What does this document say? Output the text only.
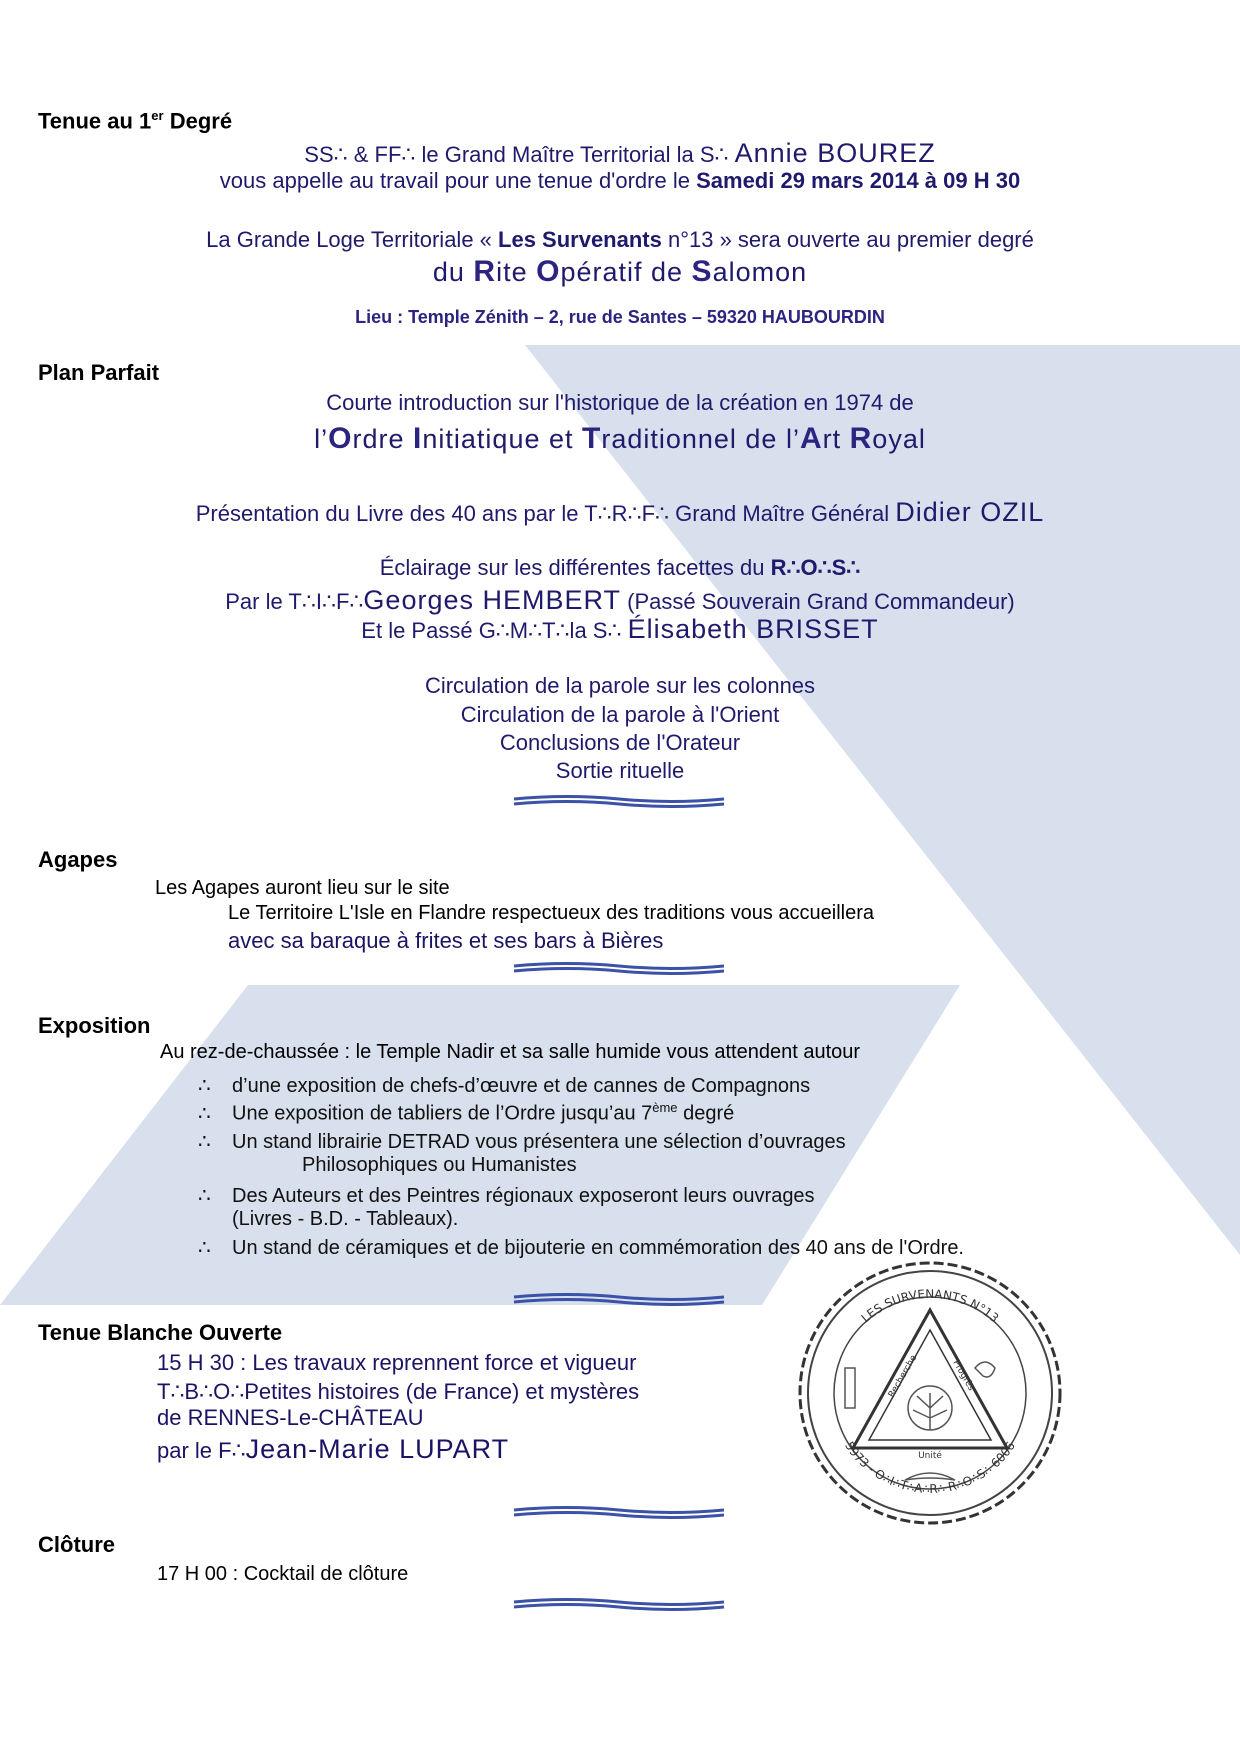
Tenue au 1er Degré
SS∴ & FF∴ le Grand Maître Territorial la S∴ Annie BOUREZ
vous appelle au travail pour une tenue d'ordre le Samedi 29 mars 2014 à 09 H 30
La Grande Loge Territoriale « Les Survenants n°13 » sera ouverte au premier degré
du Rite Opératif de Salomon
Lieu : Temple Zénith – 2, rue de Santes – 59320 HAUBOURDIN
Plan Parfait
Courte introduction sur l'historique de la création en 1974 de
l’Ordre Initiatique et Traditionnel de l’Art Royal
Présentation du Livre des 40 ans par le T∴R∴F∴ Grand Maître Général Didier OZIL
Éclairage sur les différentes facettes du R∴O∴S∴
Par le T∴I∴F∴Georges HEMBERT (Passé Souverain Grand Commandeur)
Et le Passé G∴M∴T∴la S∴ Élisabeth BRISSET
Circulation de la parole sur les colonnes
Circulation de la parole à l'Orient
Conclusions de l'Orateur
Sortie rituelle
Agapes
Les Agapes auront lieu sur le site
Le Territoire L'Isle en Flandre respectueux des traditions vous accueillera
avec sa baraque à frites et ses bars à Bières
Exposition
Au rez-de-chaussée : le Temple Nadir et sa salle humide vous attendent autour
∴ d’une exposition de chefs-d’œuvre et de cannes de Compagnons
∴ Une exposition de tabliers de l’Ordre jusqu’au 7ème degré
∴ Un stand librairie DETRAD vous présentera une sélection d’ouvrages
Philosophiques ou Humanistes
∴ Des Auteurs et des Peintres régionaux exposeront leurs ouvrages
(Livres - B.D. - Tableaux).
∴ Un stand de céramiques et de bijouterie en commémoration des 40 ans de l'Ordre.
Tenue Blanche Ouverte
15 H 30 : Les travaux reprennent force et vigueur
T∴B∴O∴Petites histoires (de France) et mystères
de RENNES-Le-CHÂTEAU
par le F∴Jean-Marie LUPART
Clôture
17 H 00 : Cocktail de clôture
LES SURVENANTS N°13
5973 - O∴I∴T∴A∴R∴ R∴O∴S∴ 6006
Recherche	Progrès
Unité
